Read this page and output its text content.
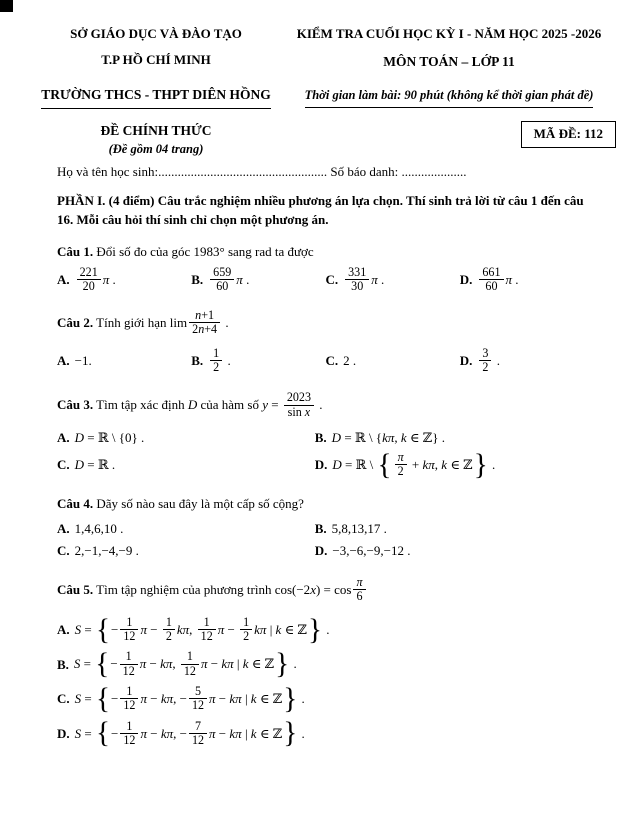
SỞ GIÁO DỤC VÀ ĐÀO TẠO
T.P HỒ CHÍ MINH
TRƯỜNG THCS - THPT DIÊN HỒNG
ĐỀ CHÍNH THỨC
(Đề gồm 04 trang)
KIỂM TRA CUỐI HỌC KỲ I - NĂM HỌC 2025 -2026
MÔN TOÁN – LỚP 11
Thời gian làm bài: 90 phút (không kể thời gian phát đề)
MÃ ĐỀ: 112
Họ và tên học sinh:.................................................... Số báo danh: ....................
PHẦN I. (4 điểm) Câu trắc nghiệm nhiều phương án lựa chọn. Thí sinh trả lời từ câu 1 đến câu 16. Mỗi câu hỏi thí sinh chỉ chọn một phương án.
Câu 1. Đổi số đo của góc 1983° sang rad ta được
A. $\frac{221}{20}$ π .	B. $\frac{659}{60}$ π .	C. $\frac{331}{30}$ π .	D. $\frac{661}{60}$ π .
Câu 2. Tính giới hạn $\lim \frac{n+1}{2n+4}$ .
A. −1.	B. $\frac{1}{2}$ .	C. 2 .	D. $\frac{3}{2}$ .
Câu 3. Tìm tập xác định D của hàm số $y = \frac{2023}{\text{sin x}}$ .
A. D = ℝ \ {0} .	B. D = ℝ \ {kπ, k ∈ ℤ} .
C. D = ℝ .	D. D = ℝ \ { $\frac{\pi}{2} + k\pi$, k ∈ ℤ} .
Câu 4. Dãy số nào sau đây là một cấp số cộng?
A. 1,4,6,10 .	B. 5,8,13,17 .
C. 2,−1,−4,−9 .	D. −3,−6,−9,−12 .
Câu 5. Tìm tập nghiệm của phương trình $\cos(-2x) = \cos \frac{\pi}{6}$
A. S = {− $\frac{1}{12}$ $\pi - \frac{1}{2} k\pi$, $\frac{1}{12}$ $\pi - \frac{1}{2}$ kπ | k ∈ ℤ} .
B. S = {− $\frac{1}{12}$ π − kπ, $\frac{1}{12}$ π − kπ | k ∈ ℤ} .
C. S = {− $\frac{1}{12}$ π − kπ, − $\frac{5}{12}$ π − kπ | k ∈ ℤ} .
D. S = {− $\frac{1}{12}$ π − kπ, − $\frac{7}{12}$ π − kπ | k ∈ ℤ} .
